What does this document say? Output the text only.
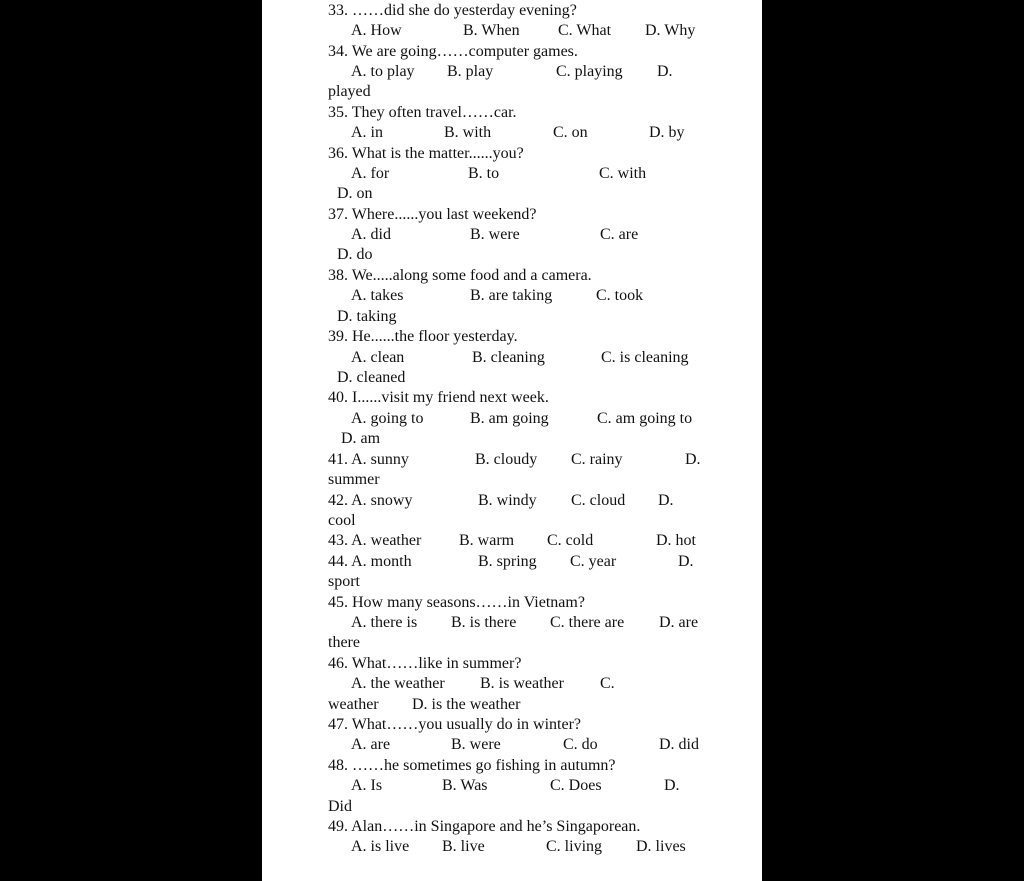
33. ……did she do yesterday evening?
A. How	B. When C. What D. Why
34. We are going……computer games.
A. to play B. play	C. playing D.
played
35. They often travel……car.
A. in	B. with	C. on	D. by
36. What is the matter......you?
A. for	B. to	C. with
D. on
37. Where......you last weekend?
A. did	B. were	C. are
D. do
38. We.....along some food and a camera.
A. takes	B. are taking	C. took
D. taking
39. He......the floor yesterday.
A. clean	B. cleaning	C. is cleaning
D. cleaned
40. I......visit my friend next week.
A. going to	B. am going	C. am going to
D. am
41. A. sunny	B. cloudy C. rainy	D.
summer
42. A. snowy	B. windy C. cloud D.
cool
43. A. weather B. warm C. cold	D. hot
44. A. month	B. spring C. year	D.
sport
45. How many seasons……in Vietnam?
A. there is B. is there C. there are D. are
there
46. What……like in summer?
A. the weather B. is weather C.
weather D. is the weather
47. What……you usually do in winter?
A. are	B. were	C. do	D. did
48. ……he sometimes go fishing in autumn?
A. Is	B. Was	C. Does	D.
Did
49. Alan……in Singapore and he’s Singaporean.
A. is live B. live	C. living D. lives
